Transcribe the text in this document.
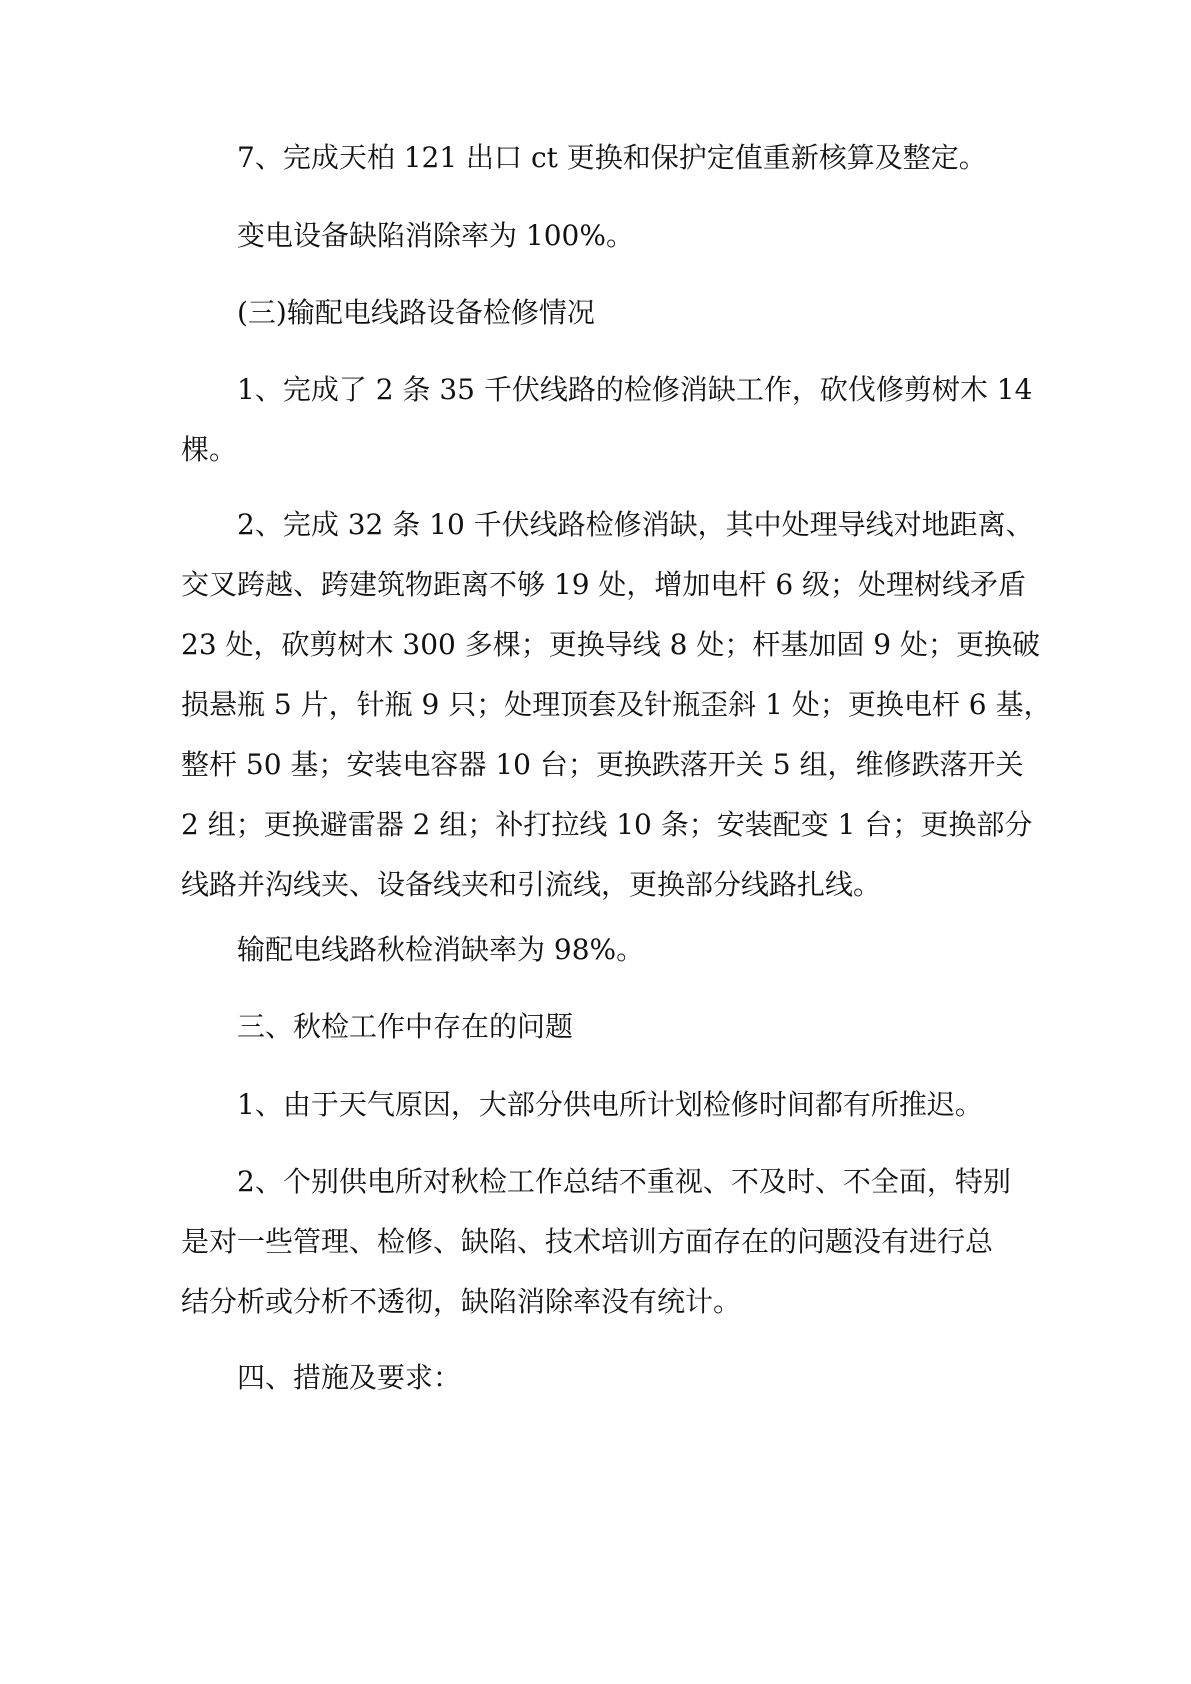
7、完成天柏 121 出口 ct 更换和保护定值重新核算及整定。

变电设备缺陷消除率为 100%。

(三)输配电线路设备检修情况

1、完成了 2 条 35 千伏线路的检修消缺工作，砍伐修剪树木 14
棵。

2、完成 32 条 10 千伏线路检修消缺，其中处理导线对地距离、
交叉跨越、跨建筑物距离不够 19 处，增加电杆 6 级；处理树线矛盾
23 处，砍剪树木 300 多棵；更换导线 8 处；杆基加固 9 处；更换破
损悬瓶 5 片，针瓶 9 只；处理顶套及针瓶歪斜 1 处；更换电杆 6 基，
整杆 50 基；安装电容器 10 台；更换跌落开关 5 组，维修跌落开关
2 组；更换避雷器 2 组；补打拉线 10 条；安装配变 1 台；更换部分
线路并沟线夹、设备线夹和引流线，更换部分线路扎线。

输配电线路秋检消缺率为 98%。

三、秋检工作中存在的问题

1、由于天气原因，大部分供电所计划检修时间都有所推迟。

2、个别供电所对秋检工作总结不重视、不及时、不全面，特别
是对一些管理、检修、缺陷、技术培训方面存在的问题没有进行总
结分析或分析不透彻，缺陷消除率没有统计。

四、措施及要求：
